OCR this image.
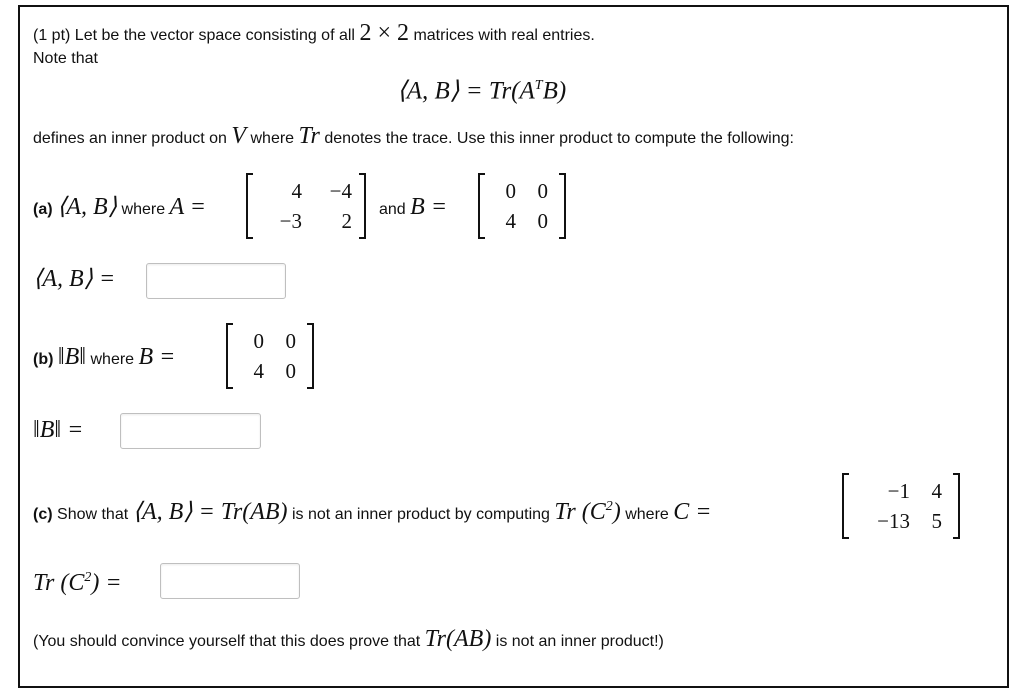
(1 pt) Let be the vector space consisting of all 2 × 2 matrices with real entries.
Note that
⟨A, B⟩ = $Tr(A^TB)$
defines an inner product on V where Tr denotes the trace. Use this inner product to compute the following:
(a) ⟨A, B⟩ where A =
4	−4
−3	2 and B =
0	0
4	0
⟨A, B⟩ =
(b) ‖B‖ where B =
0	0
4	0
‖B‖ =
(c) Show that ⟨A, B⟩ = Tr(AB) is not an inner product by computing Tr $(C^2)$ where C =
−1	4
−13	5
Tr $(C^2)$ =
(You should convince yourself that this does prove that Tr(AB) is not an inner product!)
